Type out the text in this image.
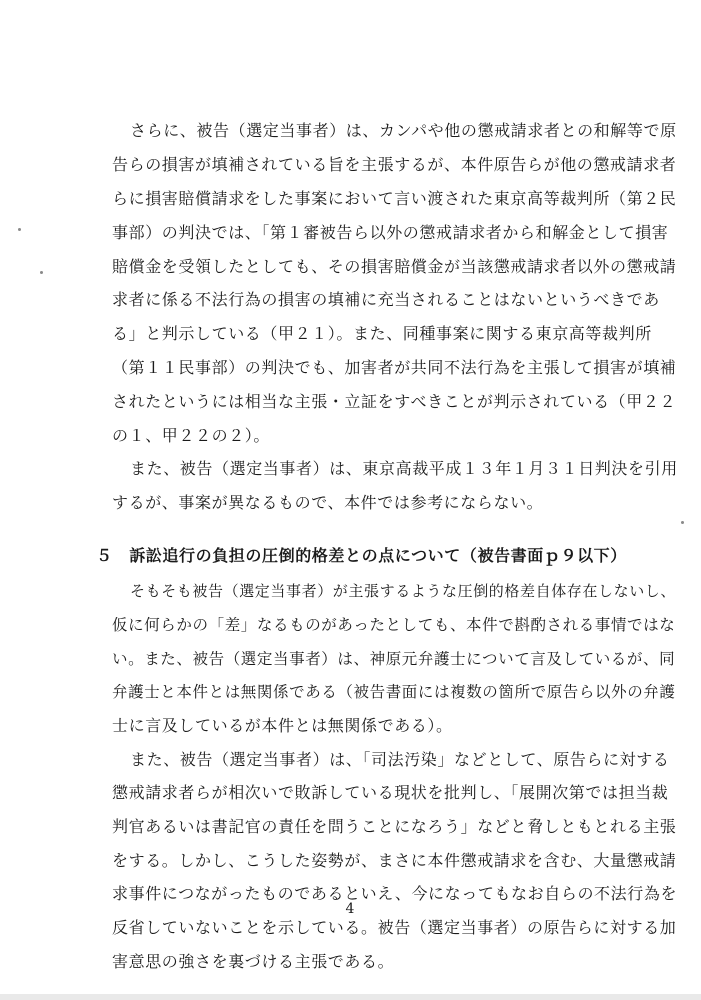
さらに、被告（選定当事者）は、カンパや他の懲戒請求者との和解等で原
告らの損害が填補されている旨を主張するが、本件原告らが他の懲戒請求者
らに損害賠償請求をした事案において言い渡された東京高等裁判所（第２民
事部）の判決では、「第１審被告ら以外の懲戒請求者から和解金として損害
賠償金を受領したとしても、その損害賠償金が当該懲戒請求者以外の懲戒請
求者に係る不法行為の損害の填補に充当されることはないというべきであ
る」と判示している（甲２１）。また、同種事案に関する東京高等裁判所
（第１１民事部）の判決でも、加害者が共同不法行為を主張して損害が填補
されたというには相当な主張・立証をすべきことが判示されている（甲２２
の１、甲２２の２）。
また、被告（選定当事者）は、東京高裁平成１３年１月３１日判決を引用
するが、事案が異なるもので、本件では参考にならない。
５　訴訟追行の負担の圧倒的格差との点について（被告書面ｐ９以下）
そもそも被告（選定当事者）が主張するような圧倒的格差自体存在しないし、
仮に何らかの「差」なるものがあったとしても、本件で斟酌される事情ではな
い。また、被告（選定当事者）は、神原元弁護士について言及しているが、同
弁護士と本件とは無関係である（被告書面には複数の箇所で原告ら以外の弁護
士に言及しているが本件とは無関係である）。
また、被告（選定当事者）は、「司法汚染」などとして、原告らに対する
懲戒請求者らが相次いで敗訴している現状を批判し、「展開次第では担当裁
判官あるいは書記官の責任を問うことになろう」などと脅しともとれる主張
をする。しかし、こうした姿勢が、まさに本件懲戒請求を含む、大量懲戒請
求事件につながったものであるといえ、今になってもなお自らの不法行為を
反省していないことを示している。被告（選定当事者）の原告らに対する加
害意思の強さを裏づける主張である。
4
